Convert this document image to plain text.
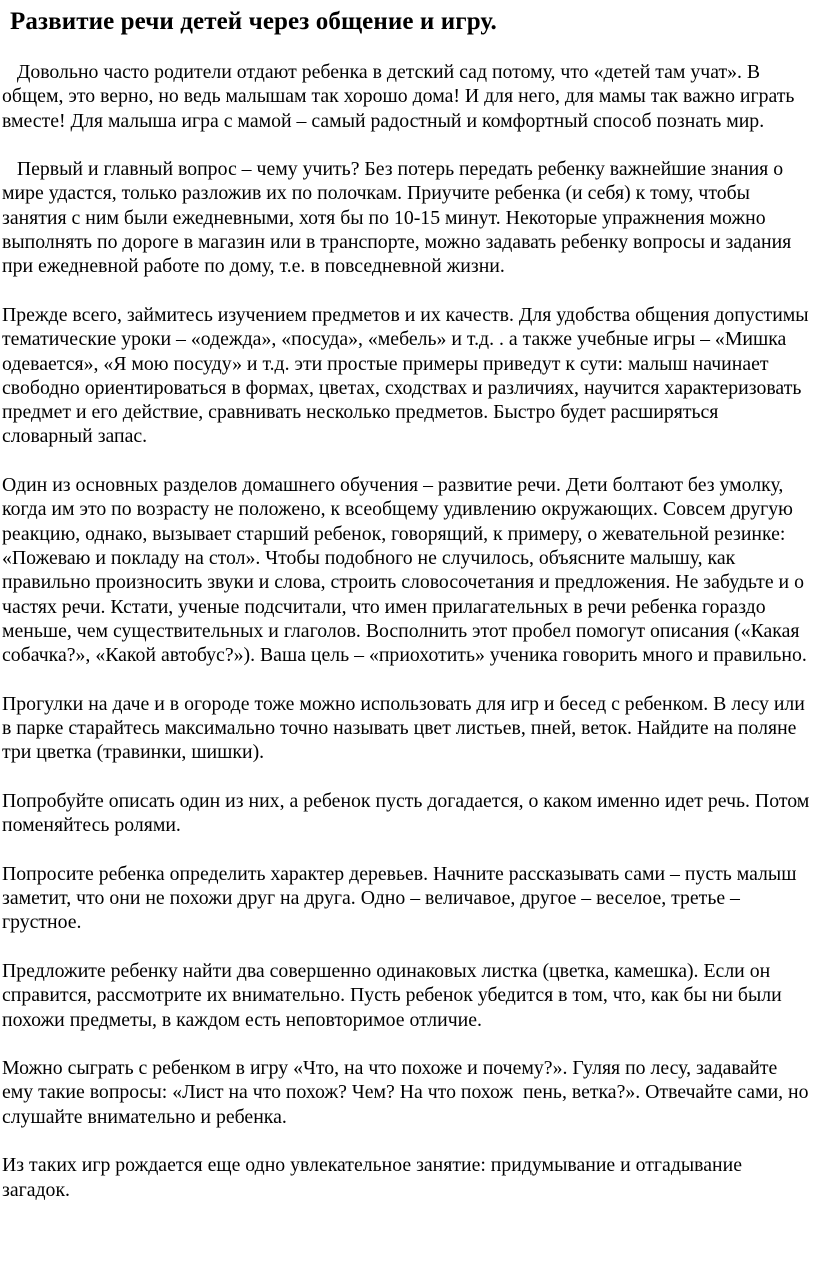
Развитие речи детей через общение и игру.

Довольно часто родители отдают ребенка в детский сад потому, что «детей там учат». В общем, это верно, но ведь малышам так хорошо дома! И для него, для мамы так важно играть вместе! Для малыша игра с мамой – самый радостный и комфортный способ познать мир.

Первый и главный вопрос – чему учить? Без потерь передать ребенку важнейшие знания о мире удастся, только разложив их по полочкам. Приучите ребенка (и себя) к тому, чтобы занятия с ним были ежедневными, хотя бы по 10-15 минут. Некоторые упражнения можно выполнять по дороге в магазин или в транспорте, можно задавать ребенку вопросы и задания при ежедневной работе по дому, т.е. в повседневной жизни.

Прежде всего, займитесь изучением предметов и их качеств. Для удобства общения допустимы тематические уроки – «одежда», «посуда», «мебель» и т.д. . а также учебные игры – «Мишка одевается», «Я мою посуду» и т.д. эти простые примеры приведут к сути: малыш начинает свободно ориентироваться в формах, цветах, сходствах и различиях, научится характеризовать предмет и его действие, сравнивать несколько предметов. Быстро будет расширяться словарный запас.

Один из основных разделов домашнего обучения – развитие речи. Дети болтают без умолку,  когда им это по возрасту не положено, к всеобщему удивлению окружающих. Совсем другую реакцию, однако, вызывает старший ребенок, говорящий, к примеру, о жевательной резинке: «Пожеваю и покладу на стол». Чтобы подобного не случилось, объясните малышу, как правильно произносить звуки и слова, строить словосочетания и предложения. Не забудьте и о частях речи. Кстати, ученые подсчитали, что имен прилагательных в речи ребенка гораздо меньше, чем существительных и глаголов. Восполнить этот пробел помогут описания («Какая собачка?», «Какой автобус?»). Ваша цель – «приохотить» ученика говорить много и правильно.

Прогулки на даче и в огороде тоже можно использовать для игр и бесед с ребенком. В лесу или в парке старайтесь максимально точно называть цвет листьев, пней, веток. Найдите на поляне три цветка (травинки, шишки).

Попробуйте описать один из них, а ребенок пусть догадается, о каком именно идет речь. Потом поменяйтесь ролями.

Попросите ребенка определить характер деревьев. Начните рассказывать сами – пусть малыш заметит, что они не похожи друг на друга. Одно – величавое, другое – веселое, третье – грустное.

Предложите ребенку найти два совершенно одинаковых листка (цветка, камешка). Если он справится, рассмотрите их внимательно. Пусть ребенок убедится в том, что, как бы ни были похожи предметы, в каждом есть неповторимое отличие.

Можно сыграть с ребенком в игру «Что, на что похоже и почему?». Гуляя по лесу, задавайте ему такие вопросы: «Лист на что похож? Чем? На что похож  пень, ветка?». Отвечайте сами, но слушайте внимательно и ребенка.

Из таких игр рождается еще одно увлекательное занятие: придумывание и отгадывание загадок.
